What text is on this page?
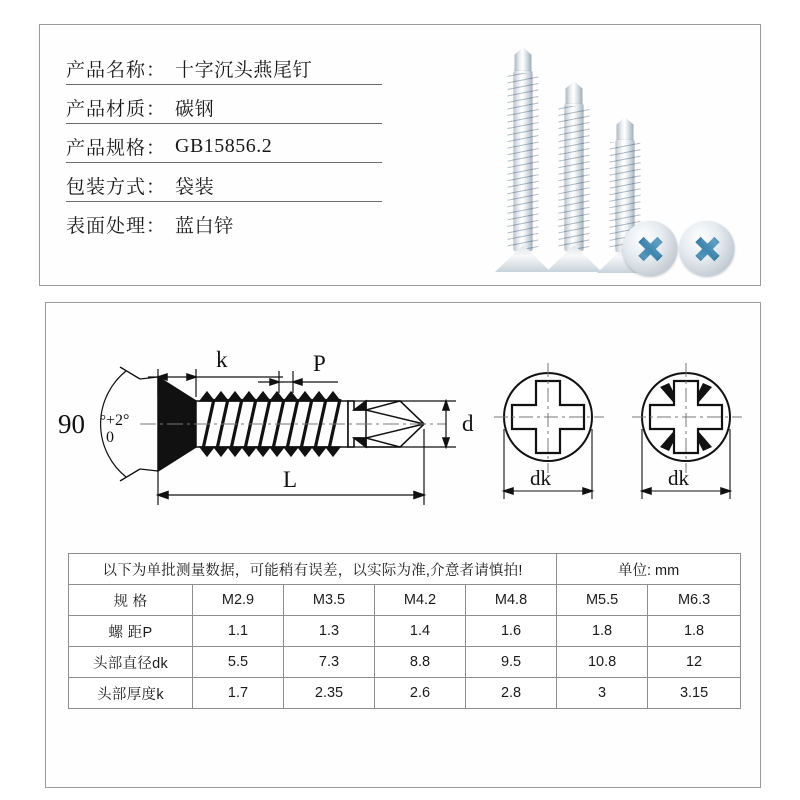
产品名称： 十字沉头燕尾钉
产品材质： 碳钢
产品规格： GB15856.2
包装方式： 袋装
表面处理： 蓝白锌
90 ° +2°
0
k	P
L
d
dk	dk
以下为单批测量数据，可能稍有误差，以实际为准,介意者请慎拍!					单位: mm	
规 格	M2.9	M3.5	M4.2	M4.8	M5.5	M6.3
螺 距P	1.1	1.3	1.4	1.6	1.8	1.8
头部直径dk	5.5	7.3	8.8	9.5	10.8	12
头部厚度k	1.7	2.35	2.6	2.8	3	3.15
